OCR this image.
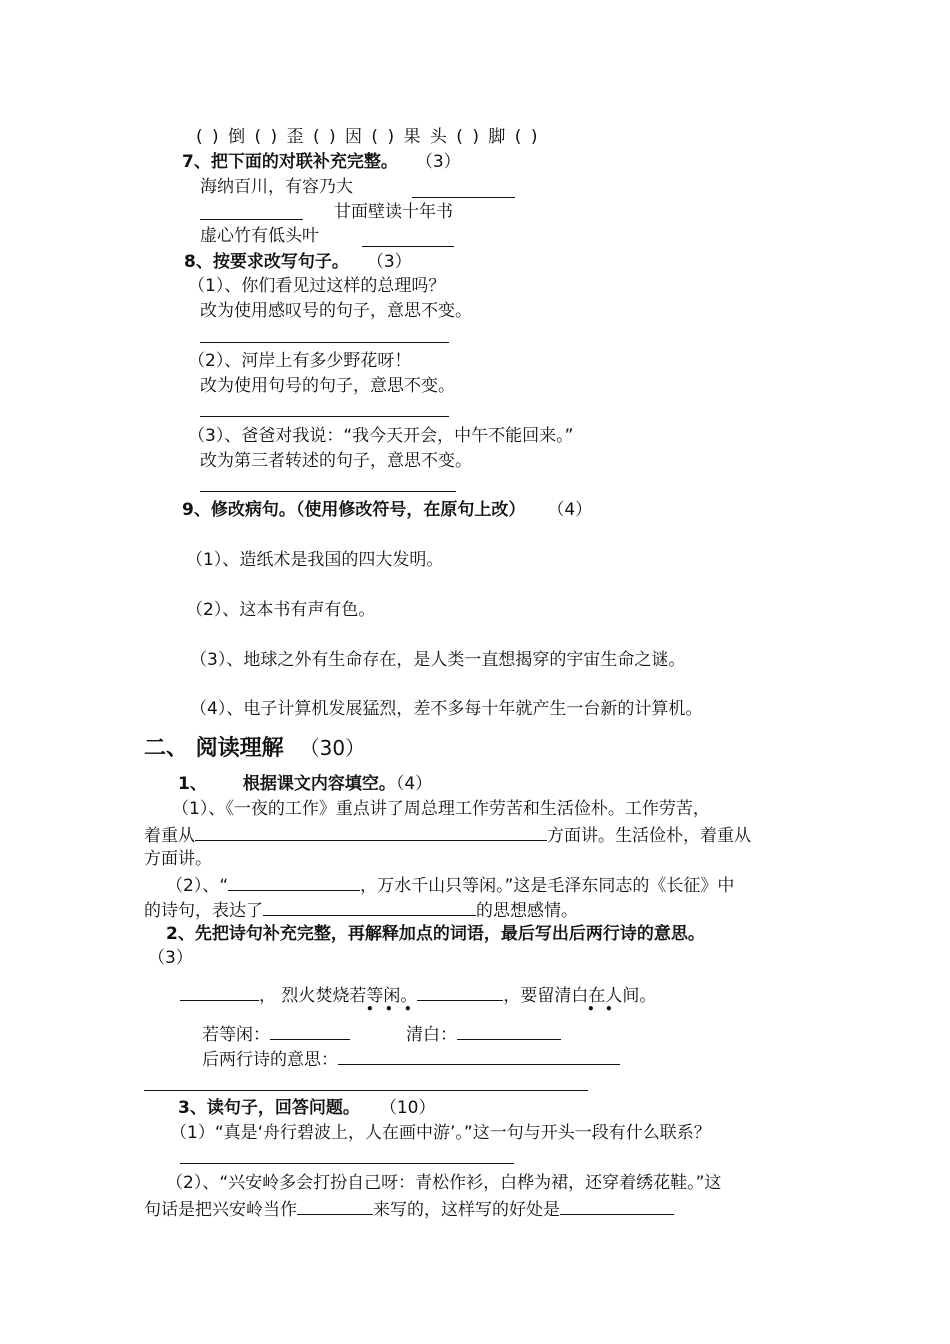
( ) 倒 ( ) 歪 ( ) 因 ( ) 果 头 ( ) 脚 ( )
7、把下面的对联补充完整。 （3）
海纳百川，有容乃大
甘面壁读十年书
虚心竹有低头叶
8、按要求改写句子。 （3）
（1）、你们看见过这样的总理吗？
改为使用感叹号的句子，意思不变。
（2）、河岸上有多少野花呀！
改为使用句号的句子，意思不变。
（3）、爸爸对我说：“我今天开会，中午不能回来。”
改为第三者转述的句子，意思不变。
9、修改病句。（使用修改符号，在原句上改） （4）
（1）、造纸术是我国的四大发明。
（2）、这本书有声有色。
（3）、地球之外有生命存在，是人类一直想揭穿的宇宙生命之谜。
（4）、电子计算机发展猛烈，差不多每十年就产生一台新的计算机。
二、 阅读理解 （30）
1、 根据课文内容填空。（4）
（1）、《一夜的工作》重点讲了周总理工作劳苦和生活俭朴。工作劳苦，
着重从	方面讲。生活俭朴，着重从
方面讲。
（2）、“	，万水千山只等闲。”这是毛泽东同志的《长征》中
的诗句，表达了	的思想感情。
2、先把诗句补充完整，再解释加点的词语，最后写出后两行诗的意思。
（3）
， 烈火焚烧若等闲。	，要留清白在人间。
• • •	• •
若等闲：	清白：
后两行诗的意思：
3、读句子，回答问题。 （10）
（1）“真是‘舟行碧波上，人在画中游’。”这一句与开头一段有什么联系？
（2）、“兴安岭多会打扮自己呀：青松作衫，白桦为裙，还穿着绣花鞋。”这
句话是把兴安岭当作	来写的，这样写的好处是
